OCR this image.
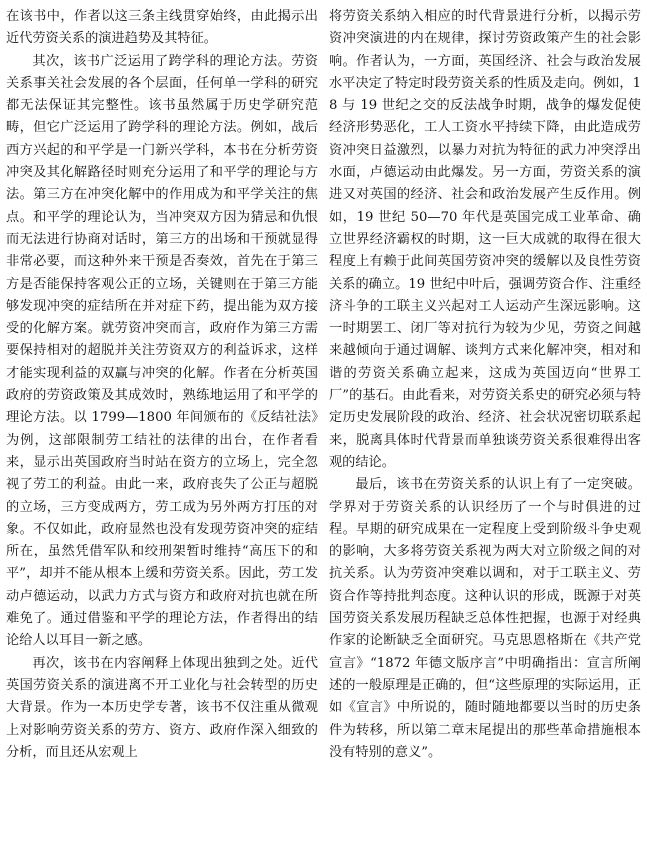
在该书中，作者以这三条主线贯穿始终，由此揭示出近代劳资关系的演进趋势及其特征。

其次，该书广泛运用了跨学科的理论方法。劳资关系事关社会发展的各个层面，任何单一学科的研究都无法保证其完整性。该书虽然属于历史学研究范畴，但它广泛运用了跨学科的理论方法。例如，战后西方兴起的和平学是一门新兴学科，本书在分析劳资冲突及其化解路径时则充分运用了和平学的理论与方法。第三方在冲突化解中的作用成为和平学关注的焦点。和平学的理论认为，当冲突双方因为猜忌和仇恨而无法进行协商对话时，第三方的出场和干预就显得非常必要，而这种外来干预是否奏效，首先在于第三方是否能保持客观公正的立场，关键则在于第三方能够发现冲突的症结所在并对症下药，提出能为双方接受的化解方案。就劳资冲突而言，政府作为第三方需要保持相对的超脱并关注劳资双方的利益诉求，这样才能实现利益的双赢与冲突的化解。作者在分析英国政府的劳资政策及其成效时，熟练地运用了和平学的理论方法。以 1799—1800 年间颁布的《反结社法》为例，这部限制劳工结社的法律的出台，在作者看来，显示出英国政府当时站在资方的立场上，完全忽视了劳工的利益。由此一来，政府丧失了公正与超脱的立场，三方变成两方，劳工成为另外两方打压的对象。不仅如此，政府显然也没有发现劳资冲突的症结所在，虽然凭借军队和绞刑架暂时维持“高压下的和平”，却并不能从根本上缓和劳资关系。因此，劳工发动卢德运动，以武力方式与资方和政府对抗也就在所难免了。通过借鉴和平学的理论方法，作者得出的结论给人以耳目一新之感。

再次，该书在内容阐释上体现出独到之处。近代英国劳资关系的演进离不开工业化与社会转型的历史大背景。作为一本历史学专著，该书不仅注重从微观上对影响劳资关系的劳方、资方、政府作深入细致的分析，而且还从宏观上

将劳资关系纳入相应的时代背景进行分析，以揭示劳资冲突演进的内在规律，探讨劳资政策产生的社会影响。作者认为，一方面，英国经济、社会与政治发展水平决定了特定时段劳资关系的性质及走向。例如，18 与 19 世纪之交的反法战争时期，战争的爆发促使经济形势恶化，工人工资水平持续下降，由此造成劳资冲突日益激烈，以暴力对抗为特征的武力冲突浮出水面，卢德运动由此爆发。另一方面，劳资关系的演进又对英国的经济、社会和政治发展产生反作用。例如，19 世纪 50—70 年代是英国完成工业革命、确立世界经济霸权的时期，这一巨大成就的取得在很大程度上有赖于此间英国劳资冲突的缓解以及良性劳资关系的确立。19 世纪中叶后，强调劳资合作、注重经济斗争的工联主义兴起对工人运动产生深远影响。这一时期罢工、闭厂等对抗行为较为少见，劳资之间越来越倾向于通过调解、谈判方式来化解冲突，相对和谐的劳资关系确立起来，这成为英国迈向“世界工厂”的基石。由此看来，对劳资关系史的研究必须与特定历史发展阶段的政治、经济、社会状况密切联系起来，脱离具体时代背景而单独谈劳资关系很难得出客观的结论。

最后，该书在劳资关系的认识上有了一定突破。学界对于劳资关系的认识经历了一个与时俱进的过程。早期的研究成果在一定程度上受到阶级斗争史观的影响，大多将劳资关系视为两大对立阶级之间的对抗关系。认为劳资冲突难以调和，对于工联主义、劳资合作等持批判态度。这种认识的形成，既源于对英国劳资关系发展历程缺乏总体性把握，也源于对经典作家的论断缺乏全面研究。马克思恩格斯在《共产党宣言》“1872 年德文版序言”中明确指出：宣言所阐述的一般原理是正确的，但“这些原理的实际运用，正如《宣言》中所说的，随时随地都要以当时的历史条件为转移，所以第二章末尾提出的那些革命措施根本没有特别的意义”。
